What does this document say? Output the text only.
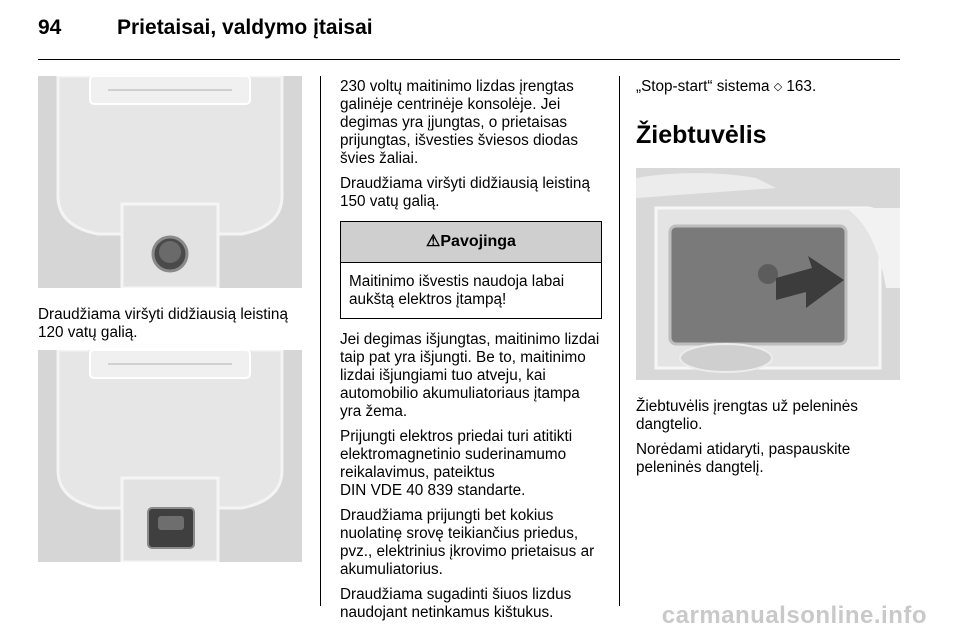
94	Prietaisai, valdymo įtaisai

Draudžiama viršyti didžiausią leistiną 120 vatų galią.

230 voltų maitinimo lizdas įrengtas galinėje centrinėje konsolėje. Jei degimas yra įjungtas, o prietaisas prijungtas, išvesties šviesos diodas švies žaliai.

Draudžiama viršyti didžiausią leistiną 150 vatų galią.

⚠Pavojinga
Maitinimo išvestis naudoja labai aukštą elektros įtampą!

Jei degimas išjungtas, maitinimo lizdai taip pat yra išjungti. Be to, maitinimo lizdai išjungiami tuo atveju, kai automobilio akumuliatoriaus įtampa yra žema.

Prijungti elektros priedai turi atitikti elektromagnetinio suderinamumo reikalavimus, pateiktus
DIN VDE 40 839 standarte.

Draudžiama prijungti bet kokius nuolatinę srovę teikiančius priedus, pvz., elektrinius įkrovimo prietaisus ar akumuliatorius.

Draudžiama sugadinti šiuos lizdus naudojant netinkamus kištukus.

„Stop-start“ sistema ◇ 163.

Žiebtuvėlis

Žiebtuvėlis įrengtas už peleninės dangtelio.

Norėdami atidaryti, paspauskite peleninės dangtelį.

carmanualsonline.info
